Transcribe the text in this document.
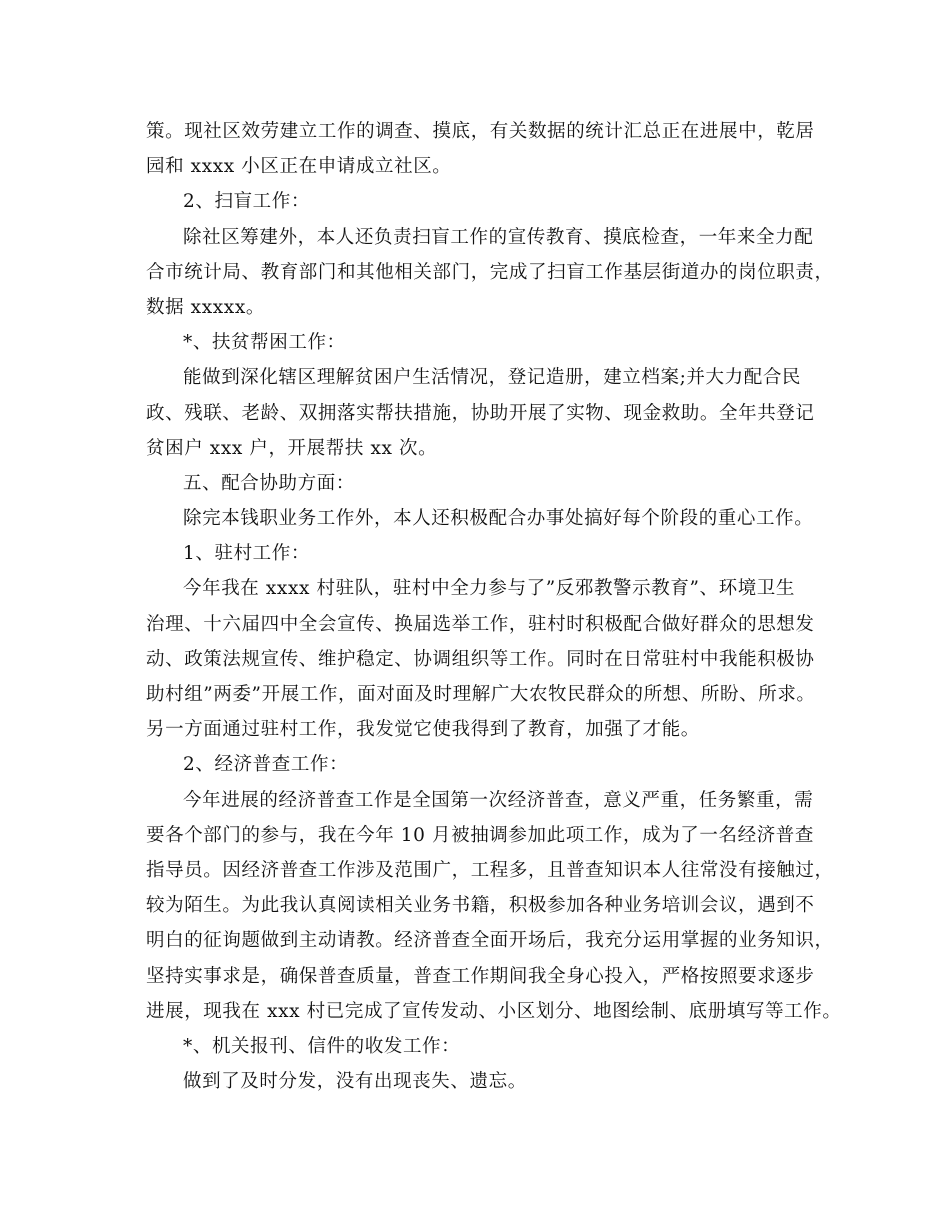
策。现社区效劳建立工作的调查、摸底，有关数据的统计汇总正在进展中，乾居
园和 xxxx 小区正在申请成立社区。
2、扫盲工作：
除社区筹建外，本人还负责扫盲工作的宣传教育、摸底检查，一年来全力配
合市统计局、教育部门和其他相关部门，完成了扫盲工作基层街道办的岗位职责，
数据 xxxxx。
*、扶贫帮困工作：
能做到深化辖区理解贫困户生活情况，登记造册，建立档案;并大力配合民
政、残联、老龄、双拥落实帮扶措施，协助开展了实物、现金救助。全年共登记
贫困户 xxx 户，开展帮扶 xx 次。
五、配合协助方面：
除完本钱职业务工作外，本人还积极配合办事处搞好每个阶段的重心工作。
1、驻村工作：
今年我在 xxxx 村驻队，驻村中全力参与了”反邪教警示教育”、环境卫生
治理、十六届四中全会宣传、换届选举工作，驻村时积极配合做好群众的思想发
动、政策法规宣传、维护稳定、协调组织等工作。同时在日常驻村中我能积极协
助村组”两委”开展工作，面对面及时理解广大农牧民群众的所想、所盼、所求。
另一方面通过驻村工作，我发觉它使我得到了教育，加强了才能。
2、经济普查工作：
今年进展的经济普查工作是全国第一次经济普查，意义严重，任务繁重，需
要各个部门的参与，我在今年 10 月被抽调参加此项工作，成为了一名经济普查
指导员。因经济普查工作涉及范围广，工程多，且普查知识本人往常没有接触过，
较为陌生。为此我认真阅读相关业务书籍，积极参加各种业务培训会议，遇到不
明白的征询题做到主动请教。经济普查全面开场后，我充分运用掌握的业务知识，
坚持实事求是，确保普查质量，普查工作期间我全身心投入，严格按照要求逐步
进展，现我在 xxx 村已完成了宣传发动、小区划分、地图绘制、底册填写等工作。
*、机关报刊、信件的收发工作：
做到了及时分发，没有出现丧失、遗忘。
